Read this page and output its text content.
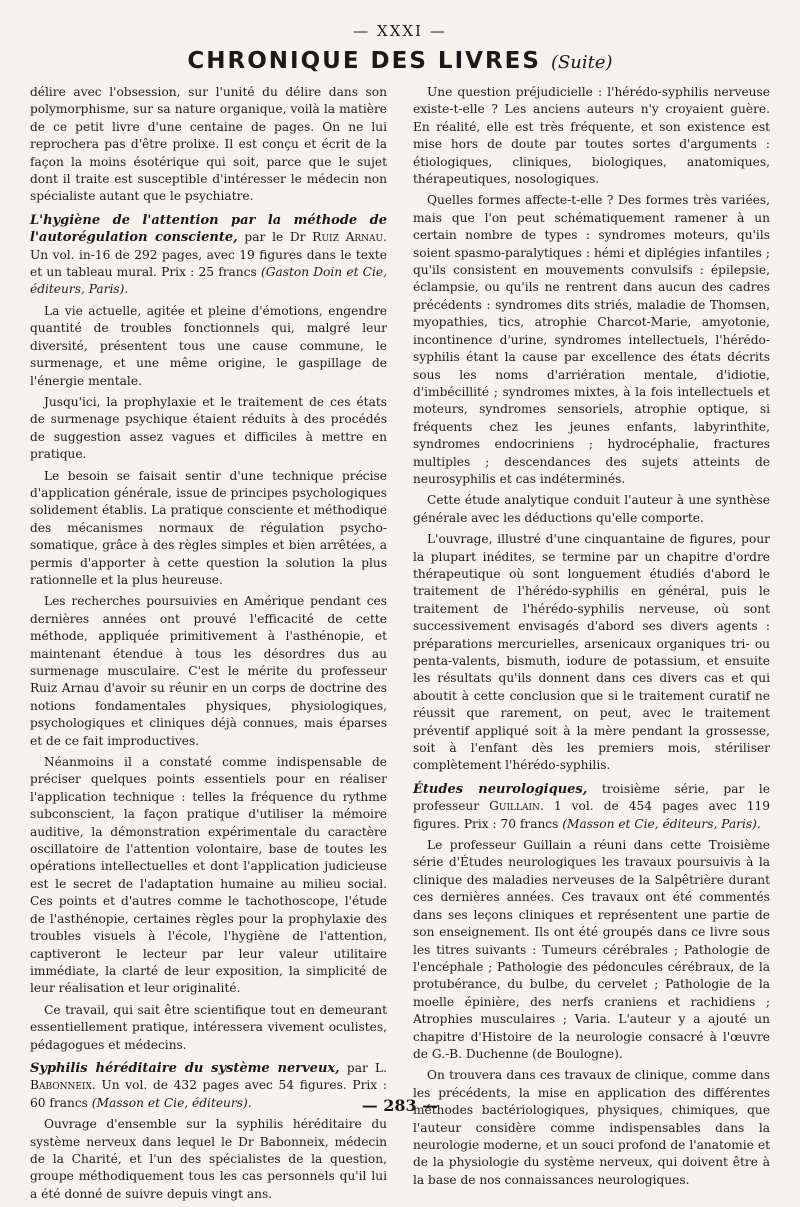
— XXXI —
CHRONIQUE DES LIVRES (Suite)

délire avec l'obsession, sur l'unité du délire dans son polymorphisme, sur sa nature organique, voilà la matière de ce petit livre d'une centaine de pages. On ne lui reprochera pas d'être prolixe. Il est conçu et écrit de la façon la moins ésotérique qui soit, parce que le sujet dont il traite est susceptible d'intéresser le médecin non spécialiste autant que le psychiatre.

L'hygiène de l'attention par la méthode de l'autorégulation consciente, par le Dr Ruiz Arnau. Un vol. in-16 de 292 pages, avec 19 figures dans le texte et un tableau mural. Prix : 25 francs (Gaston Doin et Cie, éditeurs, Paris).

La vie actuelle, agitée et pleine d'émotions, engendre quantité de troubles fonctionnels qui, malgré leur diversité, présentent tous une cause commune, le surmenage, et une même origine, le gaspillage de l'énergie mentale.

Jusqu'ici, la prophylaxie et le traitement de ces états de surmenage psychique étaient réduits à des procédés de suggestion assez vagues et difficiles à mettre en pratique.

Le besoin se faisait sentir d'une technique précise d'application générale, issue de principes psychologiques solidement établis. La pratique consciente et méthodique des mécanismes normaux de régulation psycho-somatique, grâce à des règles simples et bien arrêtées, a permis d'apporter à cette question la solution la plus rationnelle et la plus heureuse.

Les recherches poursuivies en Amérique pendant ces dernières années ont prouvé l'efficacité de cette méthode, appliquée primitivement à l'asthénopie, et maintenant étendue à tous les désordres dus au surmenage musculaire. C'est le mérite du professeur Ruiz Arnau d'avoir su réunir en un corps de doctrine des notions fondamentales physiques, physiologiques, psychologiques et cliniques déjà connues, mais éparses et de ce fait improductives.

Néanmoins il a constaté comme indispensable de préciser quelques points essentiels pour en réaliser l'application technique : telles la fréquence du rythme subconscient, la façon pratique d'utiliser la mémoire auditive, la démonstration expérimentale du caractère oscillatoire de l'attention volontaire, base de toutes les opérations intellectuelles et dont l'application judicieuse est le secret de l'adaptation humaine au milieu social. Ces points et d'autres comme le tachothoscope, l'étude de l'asthénopie, certaines règles pour la prophylaxie des troubles visuels à l'école, l'hygiène de l'attention, captiveront le lecteur par leur valeur utilitaire immédiate, la clarté de leur exposition, la simplicité de leur réalisation et leur originalité.

Ce travail, qui sait être scientifique tout en demeurant essentiellement pratique, intéressera vivement oculistes, pédagogues et médecins.

Syphilis héréditaire du système nerveux, par L. Babonneix. Un vol. de 432 pages avec 54 figures. Prix : 60 francs (Masson et Cie, éditeurs).

Ouvrage d'ensemble sur la syphilis héréditaire du système nerveux dans lequel le Dr Babonneix, médecin de la Charité, et l'un des spécialistes de la question, groupe méthodiquement tous les cas personnels qu'il lui a été donné de suivre depuis vingt ans.

Une question préjudicielle : l'hérédo-syphilis nerveuse existe-t-elle ? Les anciens auteurs n'y croyaient guère. En réalité, elle est très fréquente, et son existence est mise hors de doute par toutes sortes d'arguments : étiologiques, cliniques, biologiques, anatomiques, thérapeutiques, nosologiques.

Quelles formes affecte-t-elle ? Des formes très variées, mais que l'on peut schématiquement ramener à un certain nombre de types : syndromes moteurs, qu'ils soient spasmo-paralytiques : hémi et diplégies infantiles ; qu'ils consistent en mouvements convulsifs : épilepsie, éclampsie, ou qu'ils ne rentrent dans aucun des cadres précédents : syndromes dits striés, maladie de Thomsen, myopathies, tics, atrophie Charcot-Marie, amyotonie, incontinence d'urine, syndromes intellectuels, l'hérédo-syphilis étant la cause par excellence des états décrits sous les noms d'arriération mentale, d'idiotie, d'imbécillité ; syndromes mixtes, à la fois intellectuels et moteurs, syndromes sensoriels, atrophie optique, si fréquents chez les jeunes enfants, labyrinthite, syndromes endocriniens ; hydrocéphalie, fractures multiples ; descendances des sujets atteints de neurosyphilis et cas indéterminés.

Cette étude analytique conduit l'auteur à une synthèse générale avec les déductions qu'elle comporte.

L'ouvrage, illustré d'une cinquantaine de figures, pour la plupart inédites, se termine par un chapitre d'ordre thérapeutique où sont longuement étudiés d'abord le traitement de l'hérédo-syphilis en général, puis le traitement de l'hérédo-syphilis nerveuse, où sont successivement envisagés d'abord ses divers agents : préparations mercurielles, arsenicaux organiques tri- ou penta-valents, bismuth, iodure de potassium, et ensuite les résultats qu'ils donnent dans ces divers cas et qui aboutit à cette conclusion que si le traitement curatif ne réussit que rarement, on peut, avec le traitement préventif appliqué soit à la mère pendant la grossesse, soit à l'enfant dès les premiers mois, stériliser complètement l'hérédo-syphilis.

Études neurologiques, troisième série, par le professeur Guillain. 1 vol. de 454 pages avec 119 figures. Prix : 70 francs (Masson et Cie, éditeurs, Paris).

Le professeur Guillain a réuni dans cette Troisième série d'Études neurologiques les travaux poursuivis à la clinique des maladies nerveuses de la Salpêtrière durant ces dernières années. Ces travaux ont été commentés dans ses leçons cliniques et représentent une partie de son enseignement. Ils ont été groupés dans ce livre sous les titres suivants : Tumeurs cérébrales ; Pathologie de l'encéphale ; Pathologie des pédoncules cérébraux, de la protubérance, du bulbe, du cervelet ; Pathologie de la moelle épinière, des nerfs craniens et rachidiens ; Atrophies musculaires ; Varia. L'auteur y a ajouté un chapitre d'Histoire de la neurologie consacré à l'œuvre de G.-B. Duchenne (de Boulogne).

On trouvera dans ces travaux de clinique, comme dans les précédents, la mise en application des différentes méthodes bactériologiques, physiques, chimiques, que l'auteur considère comme indispensables dans la neurologie moderne, et un souci profond de l'anatomie et de la physiologie du système nerveux, qui doivent être à la base de nos connaissances neurologiques.

— 283 —
